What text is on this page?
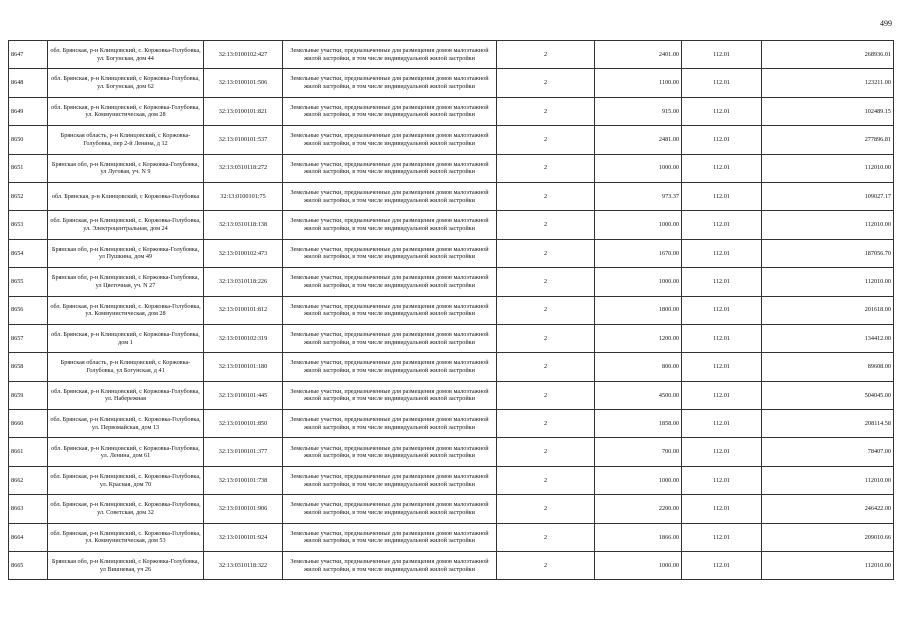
499
8647	обл. Брянская, р-н Клинцовский, с. Коржовка-Голубовка, ул. Богунская, дом 44	32:13:0100102:427	Земельные участки, предназначенные для размещения домов малоэтажной жилой застройки, в том числе индивидуальной жилой застройки	2	2401.00	112.01	268936.01
8648	обл. Брянская, р-н Клинцовский, с Коржовка-Голубовка, ул. Богунская, дом 62	32:13:0100101:506	Земельные участки, предназначенные для размещения домов малоэтажной жилой застройки, в том числе индивидуальной жилой застройки	2	1100.00	112.01	123211.00
8649	обл. Брянская, р-н Клинцовский, с Коржовка-Голубовка, ул. Коммунистическая, дом 28	32:13:0100101:821	Земельные участки, предназначенные для размещения домов малоэтажной жилой застройки, в том числе индивидуальной жилой застройки	2	915.00	112.01	102489.15
8650	Брянская область, р-н Клинцовский, с Коржовка-Голубовка, пер 2-й Ленина, д 12	32:13:0100101:537	Земельные участки, предназначенные для размещения домов малоэтажной жилой застройки, в том числе индивидуальной жилой застройки	2	2481.00	112.01	277896.81
8651	Брянская обл, р-н Клинцовский, с Коржовка-Голубовка, ул Луговая, уч. N 9	32:13:0310118:272	Земельные участки, предназначенные для размещения домов малоэтажной жилой застройки, в том числе индивидуальной жилой застройки	2	1000.00	112.01	112010.00
8652	обл. Брянская, р-н Клинцовский, с Коржовка-Голубовка	32:13:0100101:75	Земельные участки, предназначенные для размещения домов малоэтажной жилой застройки, в том числе индивидуальной жилой застройки	2	973.37	112.01	109027.17
8653	обл. Брянская, р-н Клинцовский, с. Коржовка-Голубовка, ул. Электроцентральная, дом 24	32:13:0310118:138	Земельные участки, предназначенные для размещения домов малоэтажной жилой застройки, в том числе индивидуальной жилой застройки	2	1000.00	112.01	112010.00
8654	Брянская обл, р-н Клинцовский, с Коржовка-Голубовка, ул Пушкина, дом 49	32:13:0100102:473	Земельные участки, предназначенные для размещения домов малоэтажной жилой застройки, в том числе индивидуальной жилой застройки	2	1670.00	112.01	187056.70
8655	Брянская обл, р-н Клинцовский, с Коржовка-Голубовка, ул Цветочная, уч. N 27	32:13:0310118:226	Земельные участки, предназначенные для размещения домов малоэтажной жилой застройки, в том числе индивидуальной жилой застройки	2	1000.00	112.01	112010.00
8656	обл. Брянская, р-н Клинцовский, с. Коржовка-Голубовка, ул. Коммунистическая, дом 28	32:13:0100101:812	Земельные участки, предназначенные для размещения домов малоэтажной жилой застройки, в том числе индивидуальной жилой застройки	2	1800.00	112.01	201618.00
8657	обл. Брянская, р-н Клинцовский, с Коржовка-Голубовка, дом 1	32:13:0100102:319	Земельные участки, предназначенные для размещения домов малоэтажной жилой застройки, в том числе индивидуальной жилой застройки	2	1200.00	112.01	134412.00
8658	Брянская область, р-н Клинцовский, с Коржовка-Голубовка, ул Богунская, д 41	32:13:0100101:180	Земельные участки, предназначенные для размещения домов малоэтажной жилой застройки, в том числе индивидуальной жилой застройки	2	800.00	112.01	89608.00
8659	обл. Брянская, р-н Клинцовский, с Коржовка-Голубовка, ул. Набережная	32:13:0100101:445	Земельные участки, предназначенные для размещения домов малоэтажной жилой застройки, в том числе индивидуальной жилой застройки	2	4500.00	112.01	504045.00
8660	обл. Брянская, р-н Клинцовский, с. Коржовка-Голубовка, ул. Первомайская, дом 13	32:13:0100101:850	Земельные участки, предназначенные для размещения домов малоэтажной жилой застройки, в том числе индивидуальной жилой застройки	2	1858.00	112.01	208114.58
8661	обл. Брянская, р-н Клинцовский, с Коржовка-Голубовка, ул. Ленина, дом 61	32:13:0100101:377	Земельные участки, предназначенные для размещения домов малоэтажной жилой застройки, в том числе индивидуальной жилой застройки	2	700.00	112.01	78407.00
8662	обл. Брянская, р-н Клинцовский, с. Коржовка-Голубовка, ул. Красная, дом 70	32:13:0100101:738	Земельные участки, предназначенные для размещения домов малоэтажной жилой застройки, в том числе индивидуальной жилой застройки	2	1000.00	112.01	112010.00
8663	обл. Брянская, р-н Клинцовский, с. Коржовка-Голубовка, ул. Советская, дом 32	32:13:0100101:906	Земельные участки, предназначенные для размещения домов малоэтажной жилой застройки, в том числе индивидуальной жилой застройки	2	2200.00	112.01	246422.00
8664	обл. Брянская, р-н Клинцовский, с. Коржовка-Голубовка, ул. Коммунистическая, дом 53	32:13:0100101:924	Земельные участки, предназначенные для размещения домов малоэтажной жилой застройки, в том числе индивидуальной жилой застройки	2	1866.00	112.01	209010.66
8665	Брянская обл, р-н Клинцовский, с Коржовка-Голубовка, ул Вишневая, уч 26	32:13:0310118:322	Земельные участки, предназначенные для размещения домов малоэтажной жилой застройки, в том числе индивидуальной жилой застройки	2	1000.00	112.01	112010.00
